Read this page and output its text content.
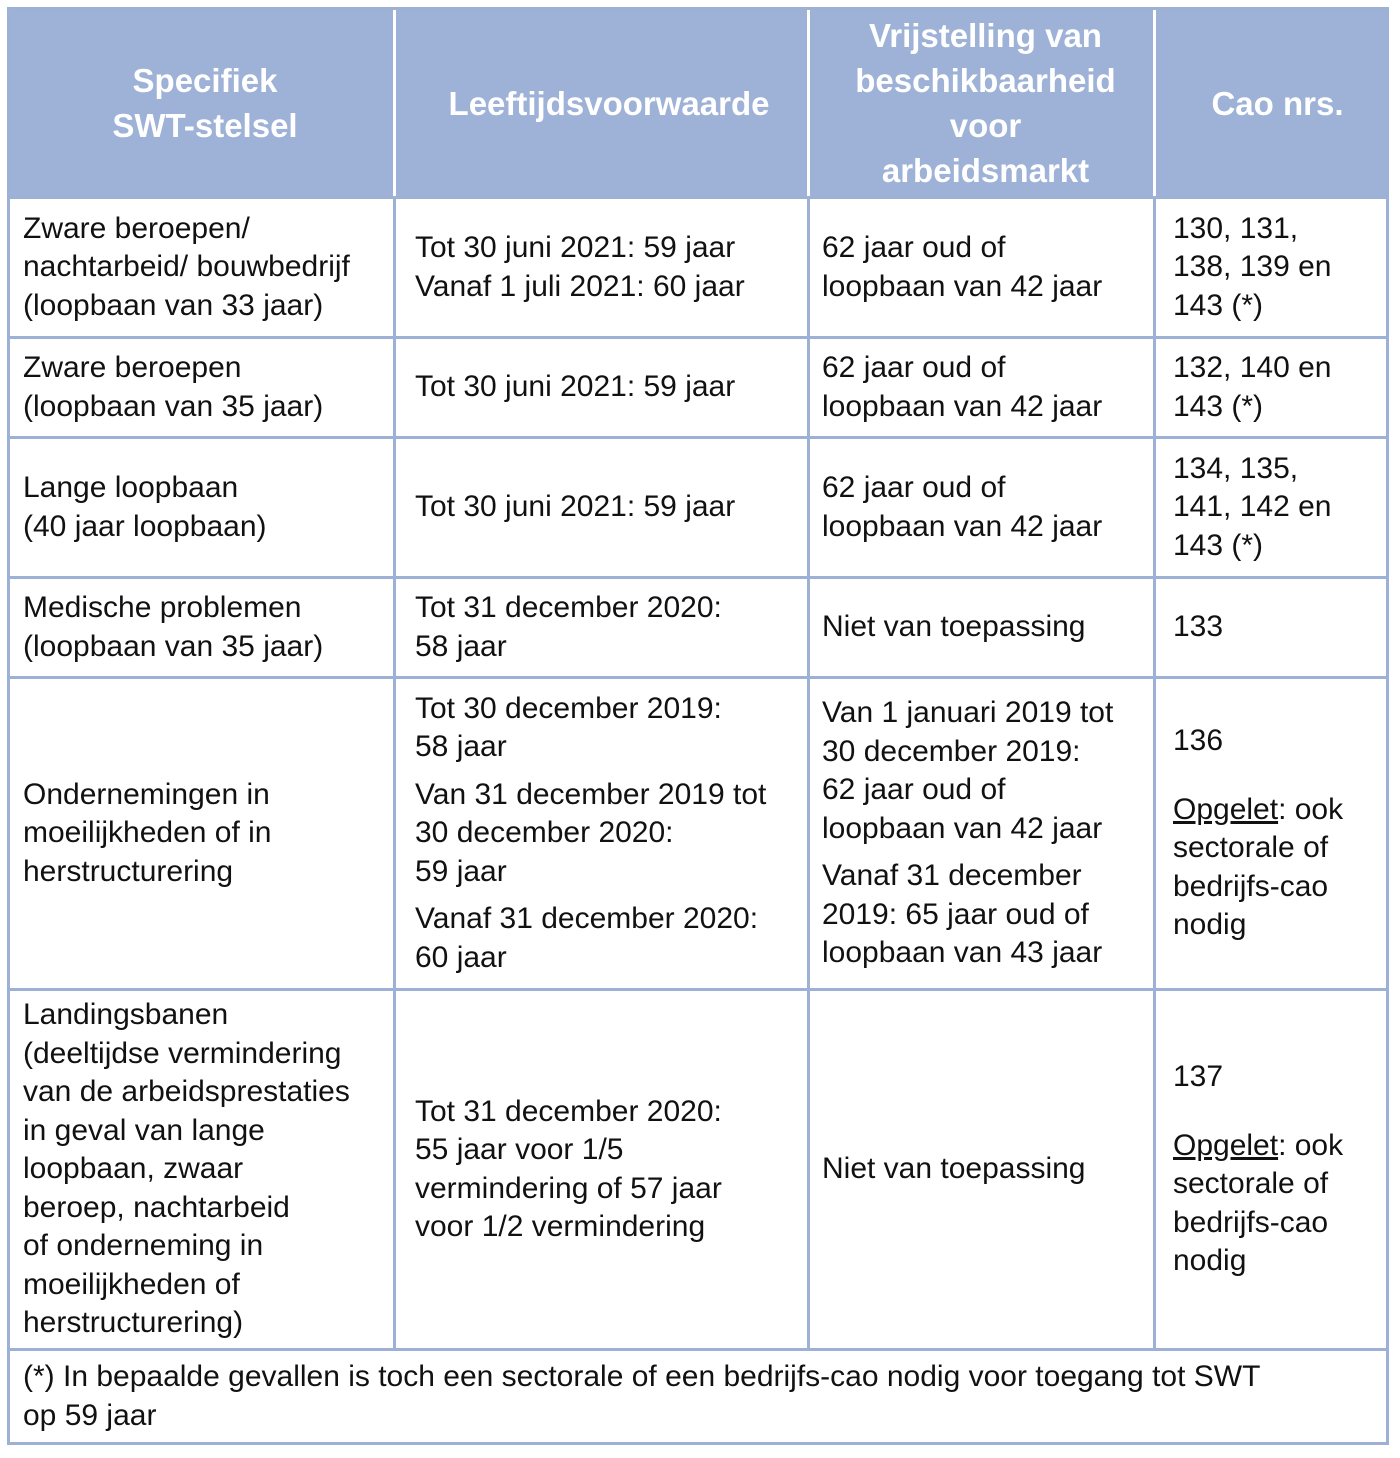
Specifiek
SWT-stelsel
Leeftijdsvoorwaarde
Vrijstelling van
beschikbaarheid
voor
arbeidsmarkt
Cao nrs.
Zware beroepen/
nachtarbeid/ bouwbedrijf
(loopbaan van 33 jaar)
Tot 30 juni 2021: 59 jaar
Vanaf 1 juli 2021: 60 jaar
62 jaar oud of
loopbaan van 42 jaar
130, 131,
138, 139 en
143 (*)
Zware beroepen
(loopbaan van 35 jaar)
Tot 30 juni 2021: 59 jaar
62 jaar oud of
loopbaan van 42 jaar
132, 140 en
143 (*)
Lange loopbaan
(40 jaar loopbaan)
Tot 30 juni 2021: 59 jaar
62 jaar oud of
loopbaan van 42 jaar
134, 135,
141, 142 en
143 (*)
Medische problemen
(loopbaan van 35 jaar)
Tot 31 december 2020:
58 jaar
Niet van toepassing	133
Ondernemingen in
moeilijkheden of in
herstructurering
Tot 30 december 2019:
58 jaar
Van 31 december 2019 tot
30 december 2020:
59 jaar
Vanaf 31 december 2020:
60 jaar
Van 1 januari 2019 tot
30 december 2019:
62 jaar oud of
loopbaan van 42 jaar
Vanaf 31 december
2019: 65 jaar oud of
loopbaan van 43 jaar
136
Opgelet: ook
sectorale of
bedrijfs-cao
nodig
Landingsbanen
(deeltijdse vermindering
van de arbeidsprestaties
in geval van lange
loopbaan, zwaar
beroep, nachtarbeid
of onderneming in
moeilijkheden of
herstructurering)
Tot 31 december 2020:
55 jaar voor 1/5
vermindering of 57 jaar
voor 1/2 vermindering
Niet van toepassing
137
Opgelet: ook
sectorale of
bedrijfs-cao
nodig
(*) In bepaalde gevallen is toch een sectorale of een bedrijfs-cao nodig voor toegang tot SWT
op 59 jaar
